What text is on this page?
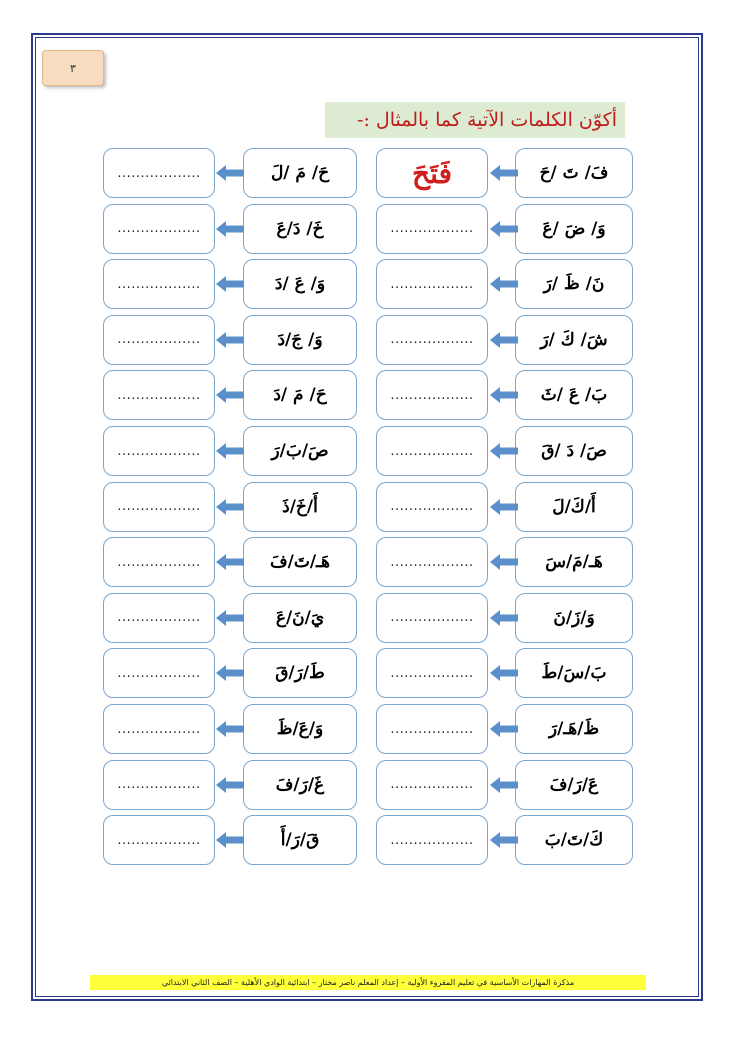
٣
أكوّن الكلمات الآتية كما بالمثال :-
فَ/ تَ /حَ
فَتَحَ
حَ/ مَ /لَ
..................
وَ/ ضَ /عَ
..................
خَ/ دَ/عَ
..................
نَ/ ظَ /رَ
..................
وَ/ عَ /دَ
..................
شَ/ كَ /رَ
..................
وَ/ جَ/دَ
..................
بَ/ عَ /ثَ
..................
حَ/ مَ /دَ
..................
صَ/ دَ /قَ
..................
صَ/بَ/رَ
..................
أَ/كَ/لَ
..................
أَ/خَ/ذَ
..................
هَـ/مَ/سَ
..................
هَـ/تَ/فَ
..................
وَ/زَ/نَ
..................
يَ/نَ/عَ
..................
بَ/سَ/طَ
..................
طَ/رَ/قَ
..................
ظَ/هَـ/رَ
..................
وَ/عَ/ظَ
..................
عَ/رَ/فَ
..................
غَ/رَ/فَ
..................
كَ/تَ/بَ
..................
قَ/رَ/أَ
..................
مذكرة المهارات الأساسية في تعليم المقروء الأولية – إعداد المعلم ناصر مختار – ابتدائية الوادي الأهلية – الصف الثاني الابتدائي
